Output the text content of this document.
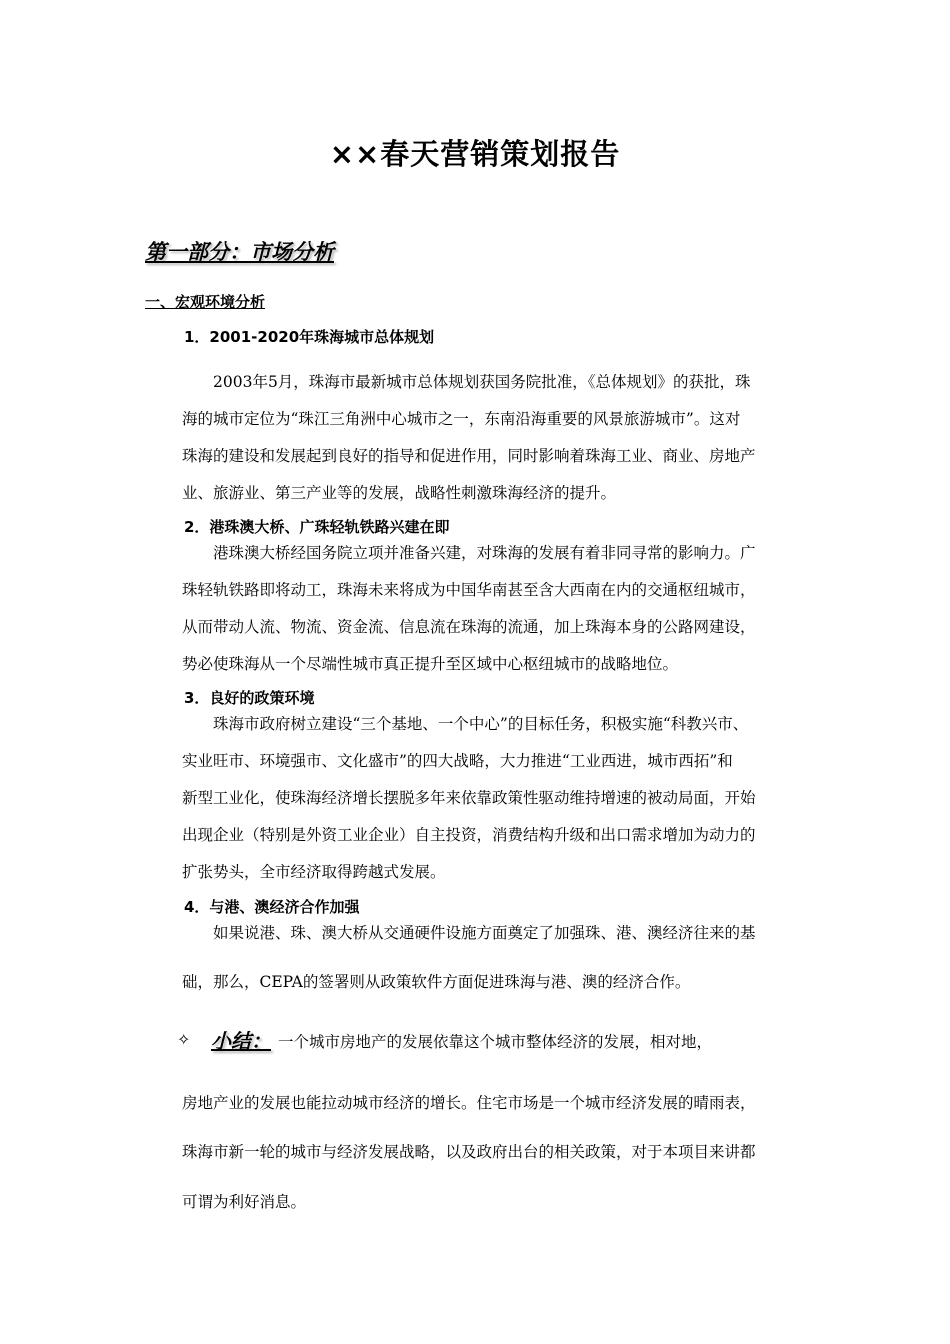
××春天营销策划报告
第一部分：市场分析
一、宏观环境分析
1．2001-2020年珠海城市总体规划
　　2003年5月，珠海市最新城市总体规划获国务院批准，《总体规划》的获批，珠
海的城市定位为“珠江三角洲中心城市之一，东南沿海重要的风景旅游城市”。这对
珠海的建设和发展起到良好的指导和促进作用，同时影响着珠海工业、商业、房地产
业、旅游业、第三产业等的发展，战略性刺激珠海经济的提升。
2．港珠澳大桥、广珠轻轨铁路兴建在即
　　港珠澳大桥经国务院立项并准备兴建，对珠海的发展有着非同寻常的影响力。广
珠轻轨铁路即将动工，珠海未来将成为中国华南甚至含大西南在内的交通枢纽城市，
从而带动人流、物流、资金流、信息流在珠海的流通，加上珠海本身的公路网建设，
势必使珠海从一个尽端性城市真正提升至区域中心枢纽城市的战略地位。
3．良好的政策环境
　　珠海市政府树立建设“三个基地、一个中心”的目标任务，积极实施“科教兴市、
实业旺市、环境强市、文化盛市”的四大战略，大力推进“工业西进，城市西拓”和
新型工业化，使珠海经济增长摆脱多年来依靠政策性驱动维持增速的被动局面，开始
出现企业（特别是外资工业企业）自主投资，消费结构升级和出口需求增加为动力的
扩张势头，全市经济取得跨越式发展。
4．与港、澳经济合作加强
　　如果说港、珠、澳大桥从交通硬件设施方面奠定了加强珠、港、澳经济往来的基
础，那么，CEPA的签署则从政策软件方面促进珠海与港、澳的经济合作。
✧ 小结： 一个城市房地产的发展依靠这个城市整体经济的发展，相对地，
房地产业的发展也能拉动城市经济的增长。住宅市场是一个城市经济发展的晴雨表，
珠海市新一轮的城市与经济发展战略，以及政府出台的相关政策，对于本项目来讲都
可谓为利好消息。
